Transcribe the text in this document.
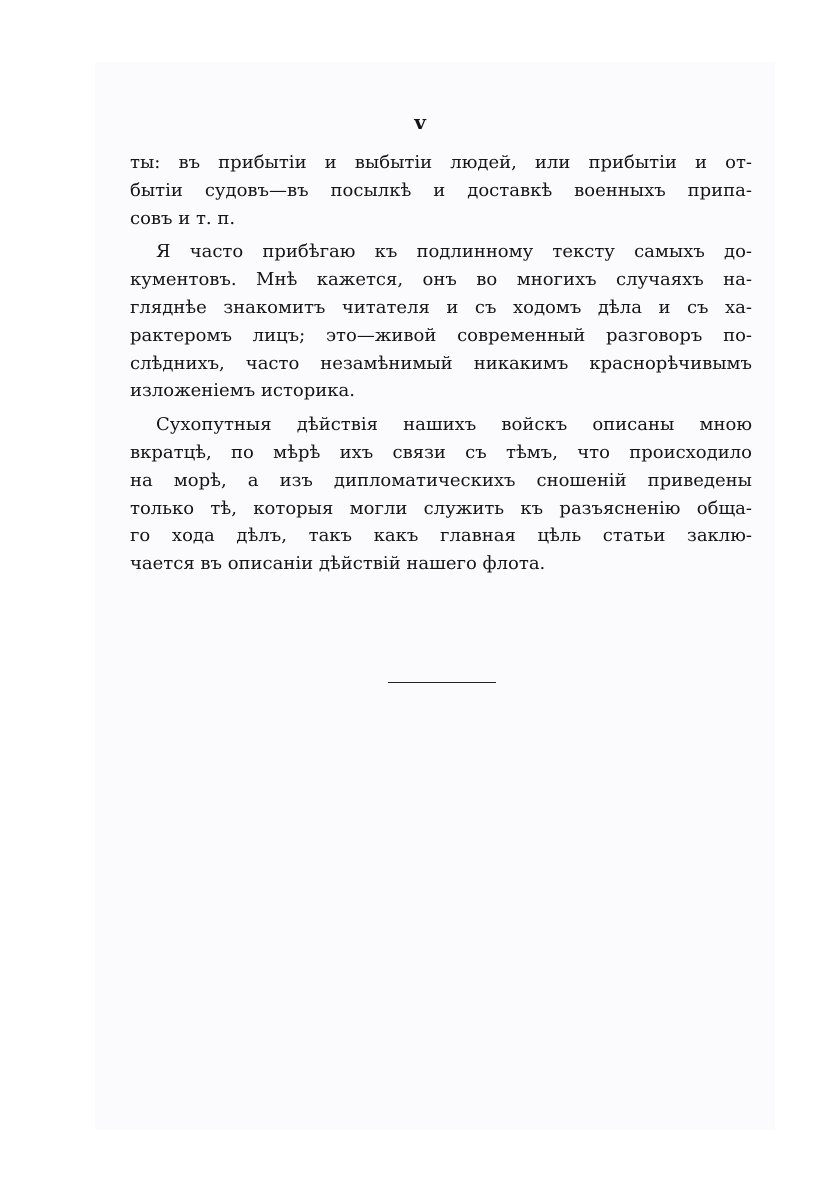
v
ты: въ прибытіи и выбытіи людей, или прибытіи и от-
бытіи судовъ—въ посылкѣ и доставкѣ военныхъ припа-
совъ и т. п.
Я часто прибѣгаю къ подлинному тексту самыхъ до-
кументовъ. Мнѣ кажется, онъ во многихъ случаяхъ на-
гляднѣе знакомитъ читателя и съ ходомъ дѣла и съ ха-
рактеромъ лицъ; это—живой современный разговоръ по-
слѣднихъ, часто незамѣнимый никакимъ краснорѣчивымъ
изложеніемъ историка.
Сухопутныя дѣйствія нашихъ войскъ описаны мною
вкратцѣ, по мѣрѣ ихъ связи съ тѣмъ, что происходило
на морѣ, а изъ дипломатическихъ сношеній приведены
только тѣ, которыя могли служить къ разъясненію обща-
го хода дѣлъ, такъ какъ главная цѣль статьи заклю-
чается въ описаніи дѣйствій нашего флота.
